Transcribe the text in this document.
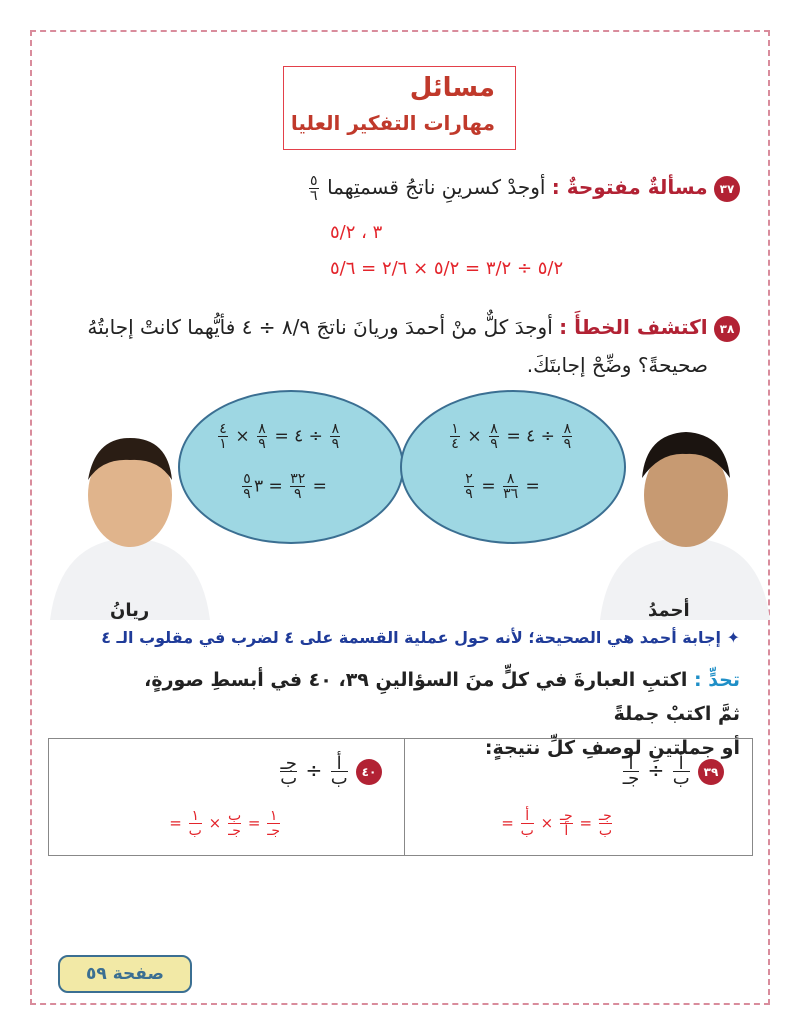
مسائل
مهارات التفكير العليا
٣٧ مسألةٌ مفتوحةٌ : أوجدْ كسرينِ ناتجُ قسمتِهما
$\frac{٥}{٦}$
٣ ، ٥/٢
٥/٢ ÷ ٣/٢ = ٥/٢ × ٢/٦ = ٥/٦
٣٨ اكتشف الخطأَ : أوجدَ كلٌّ منْ أحمدَ وريانَ ناتجَ ٨/٩ ÷ ٤ فأيُّهما كانتْ إجابتُهُ
صحيحةً؟ وضِّحْ إجابتَكَ.
$\frac{٨}{٩}$
÷ ٤ =
$\frac{٨}{٩}$
×
$\frac{٤}{١}$
=
$\frac{٣٢}{٩}$
= ٣
$\frac{٥}{٩}$
$\frac{٨}{٩}$
÷ ٤ =
$\frac{٨}{٩}$
×
$\frac{١}{٤}$
=
$\frac{٨}{٣٦}$
=
$\frac{٢}{٩}$
ريانُ	أحمدُ
✦ إجابة أحمد هي الصحيحة؛ لأنه حول عملية القسمة على ٤ لضرب في مقلوب الـ ٤
تحدٍّ : اكتبِ العبارةَ في كلٍّ منَ السؤالينِ ٣٩، ٤٠ في أبسطِ صورةٍ، ثمَّ اكتبْ جملةً
أو جملتينِ لوصفِ كلِّ نتيجةٍ:
٣٩
$\frac{\text{أ}}{\text{ب}}$
÷
$\frac{\text{أ}}{\text{جـ}}$
$\frac{\text{جـ}}{\text{ب}}$
=
$\frac{\text{جـ}}{\text{أ}}$
×
$\frac{\text{أ}}{\text{ب}}$
=
٤٠
$\frac{\text{أ}}{\text{ب}}$
÷
$\frac{\text{جـ}}{\text{ب}}$
$\frac{١}{\text{جـ}}$
=
$\frac{\text{ب}}{\text{جـ}}$
×
$\frac{١}{\text{ب}}$
=
صفحة ٥٩
